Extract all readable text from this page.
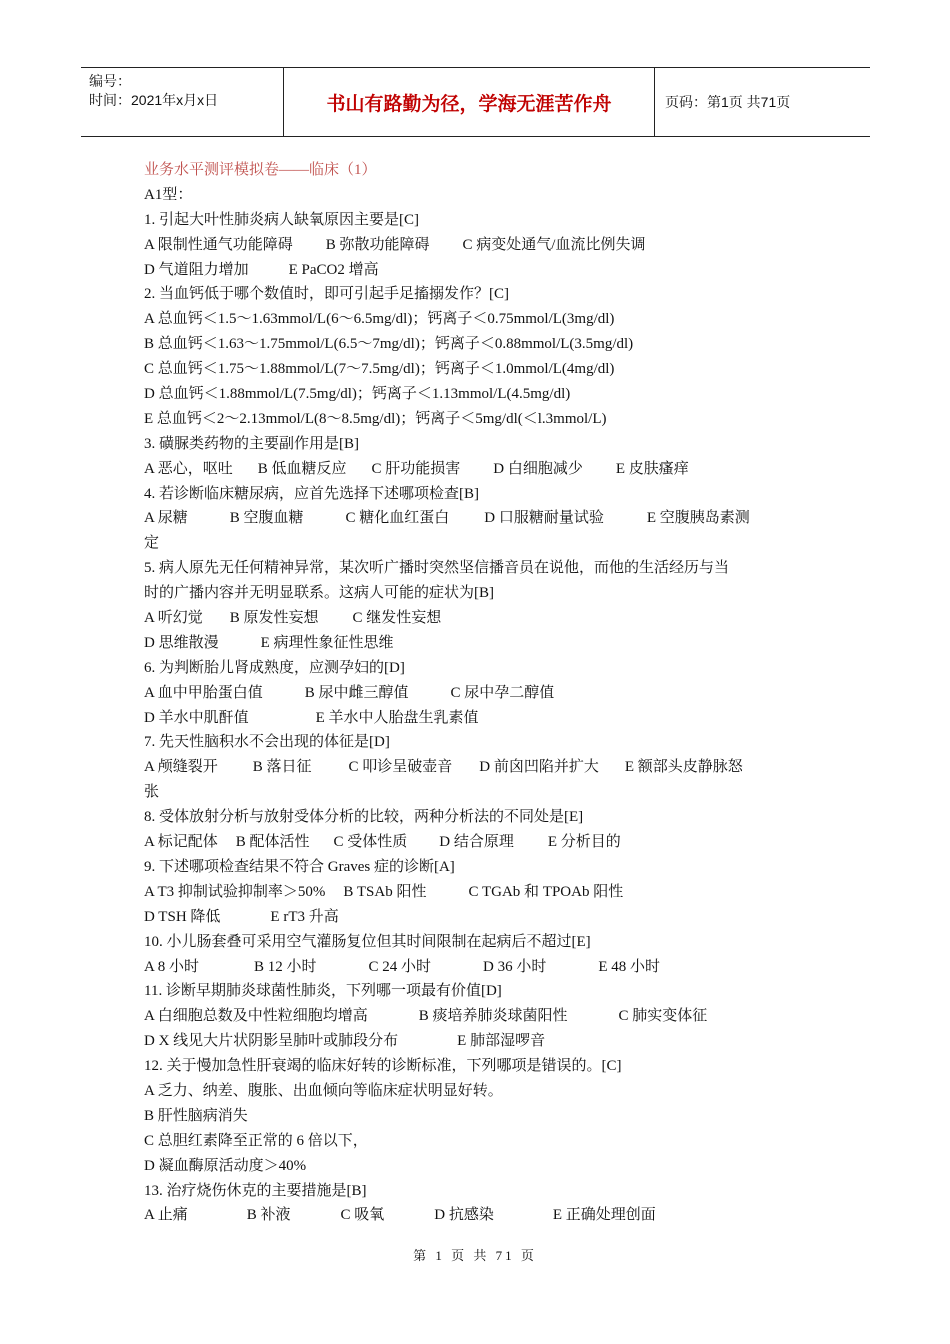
编号：
时间：2021年x月x日	书山有路勤为径，学海无涯苦作舟	页码：第1页 共71页
业务水平测评模拟卷——临床（1）
A1型：
1. 引起大叶性肺炎病人缺氧原因主要是[C]
A 限制性通气功能障碍 B 弥散功能障碍 C 病变处通气/血流比例失调
D 气道阻力增加	E PaCO2 增高
2. 当血钙低于哪个数值时，即可引起手足搐搦发作？[C]
A 总血钙＜1.5～1.63mmol/L(6～6.5mg/dl)；钙离子＜0.75mmol/L(3mg/dl)
B 总血钙＜1.63～1.75mmol/L(6.5～7mg/dl)；钙离子＜0.88mmol/L(3.5mg/dl)
C 总血钙＜1.75～1.88mmol/L(7～7.5mg/dl)；钙离子＜1.0mmol/L(4mg/dl)
D 总血钙＜1.88mmol/L(7.5mg/dl)；钙离子＜1.13mmol/L(4.5mg/dl)
E 总血钙＜2～2.13mmol/L(8～8.5mg/dl)；钙离子＜5mg/dl(＜l.3mmol/L)
3. 磺脲类药物的主要副作用是[B]
A 恶心，呕吐 B 低血糖反应 C 肝功能损害 D 白细胞减少 E 皮肤瘙痒
4. 若诊断临床糖尿病，应首先选择下述哪项检查[B]
A 尿糖	B 空腹血糖	C 糖化血红蛋白 D 口服糖耐量试验	E 空腹胰岛素测
定
5. 病人原先无任何精神异常，某次听广播时突然坚信播音员在说他，而他的生活经历与当
时的广播内容并无明显联系。这病人可能的症状为[B]
A 听幻觉 B 原发性妄想 C 继发性妄想
D 思维散漫	E 病理性象征性思维
6. 为判断胎儿肾成熟度，应测孕妇的[D]
A 血中甲胎蛋白值	B 尿中雌三醇值	C 尿中孕二醇值
D 羊水中肌酐值	E 羊水中人胎盘生乳素值
7. 先天性脑积水不会出现的体征是[D]
A 颅缝裂开 B 落日征 C 叩诊呈破壶音 D 前囟凹陷并扩大 E 额部头皮静脉怒
张
8. 受体放射分析与放射受体分析的比较，两种分析法的不同处是[E]
A 标记配体 B 配体活性 C 受体性质 D 结合原理 E 分析目的
9. 下述哪项检查结果不符合 Graves 症的诊断[A]
A T3 抑制试验抑制率＞50% B TSAb 阳性	C TGAb 和 TPOAb 阳性
D TSH 降低	E rT3 升高
10. 小儿肠套叠可采用空气灌肠复位但其时间限制在起病后不超过[E]
A 8 小时	B 12 小时	C 24 小时	D 36 小时	E 48 小时
11. 诊断早期肺炎球菌性肺炎，下列哪一项最有价值[D]
A 白细胞总数及中性粒细胞均增高	B 痰培养肺炎球菌阳性	C 肺实变体征
D X 线见大片状阴影呈肺叶或肺段分布	E 肺部湿啰音
12. 关于慢加急性肝衰竭的临床好转的诊断标准，下列哪项是错误的。[C]
A 乏力、纳差、腹胀、出血倾向等临床症状明显好转。
B 肝性脑病消失
C 总胆红素降至正常的 6 倍以下，
D 凝血酶原活动度＞40%
13. 治疗烧伤休克的主要措施是[B]
A 止痛	B 补液	C 吸氧	D 抗感染	E 正确处理创面
第 1 页 共 71 页
